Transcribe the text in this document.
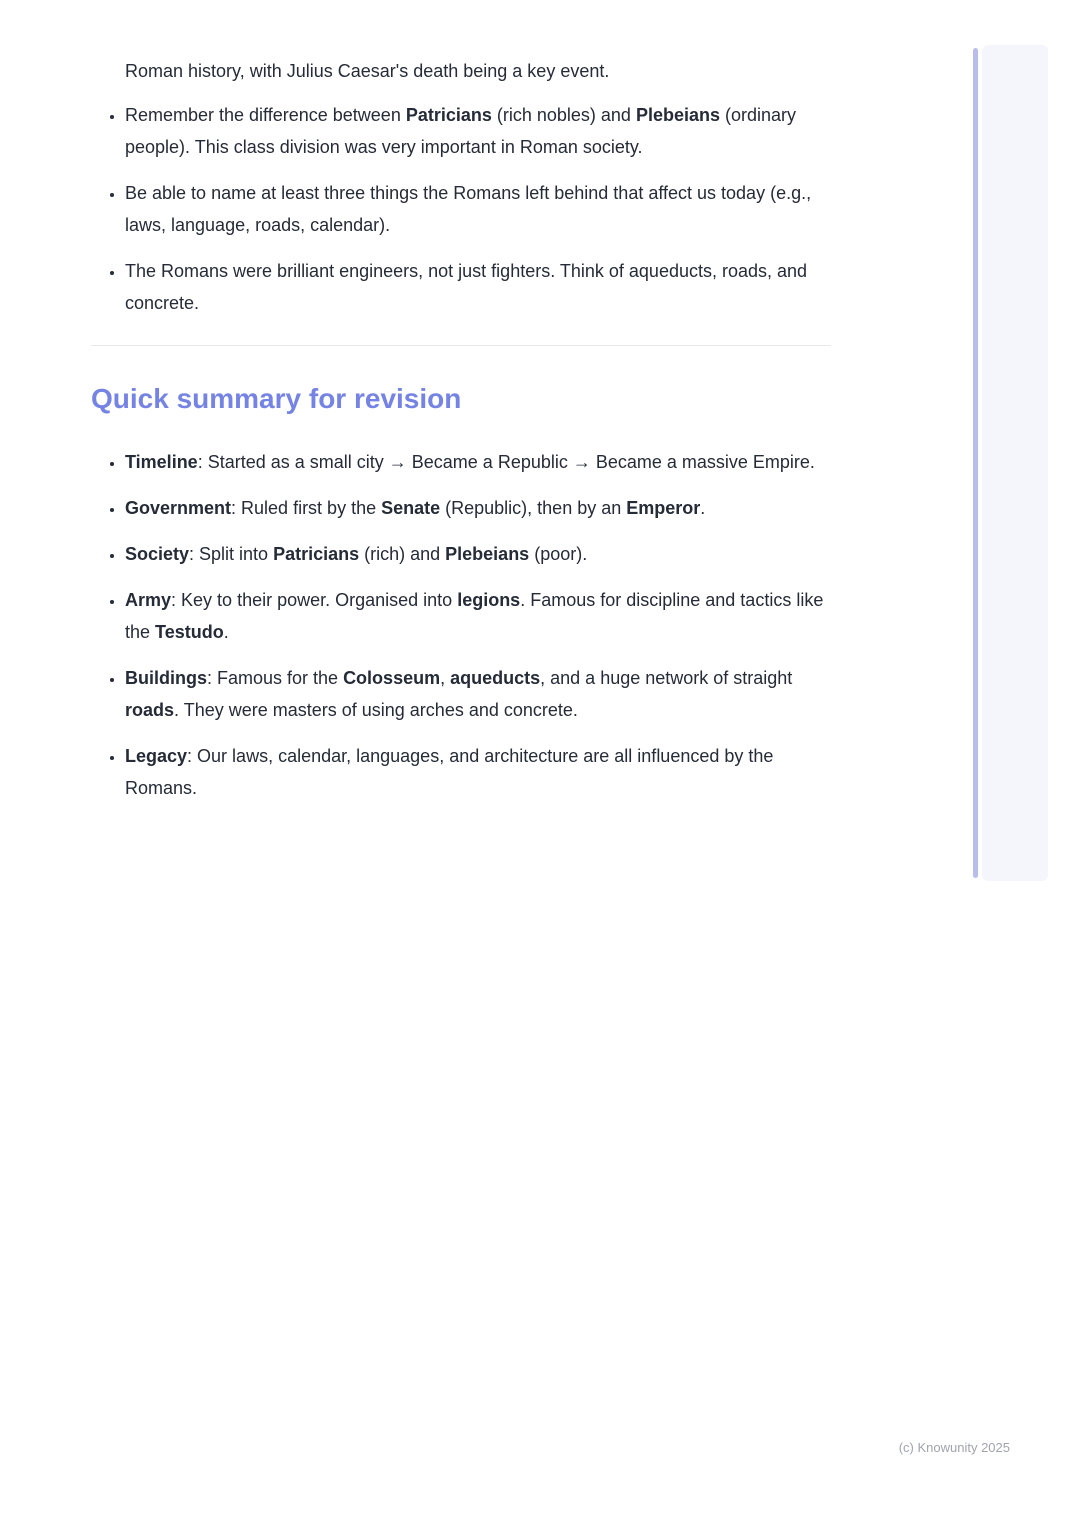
Roman history, with Julius Caesar's death being a key event.
• Remember the difference between Patricians (rich nobles) and Plebeians (ordinary people). This class division was very important in Roman society.
• Be able to name at least three things the Romans left behind that affect us today (e.g., laws, language, roads, calendar).
• The Romans were brilliant engineers, not just fighters. Think of aqueducts, roads, and concrete.
Quick summary for revision
• Timeline: Started as a small city → Became a Republic → Became a massive Empire.
• Government: Ruled first by the Senate (Republic), then by an Emperor.
• Society: Split into Patricians (rich) and Plebeians (poor).
• Army: Key to their power. Organised into legions. Famous for discipline and tactics like the Testudo.
• Buildings: Famous for the Colosseum, aqueducts, and a huge network of straight roads. They were masters of using arches and concrete.
• Legacy: Our laws, calendar, languages, and architecture are all influenced by the Romans.
(c) Knowunity 2025
